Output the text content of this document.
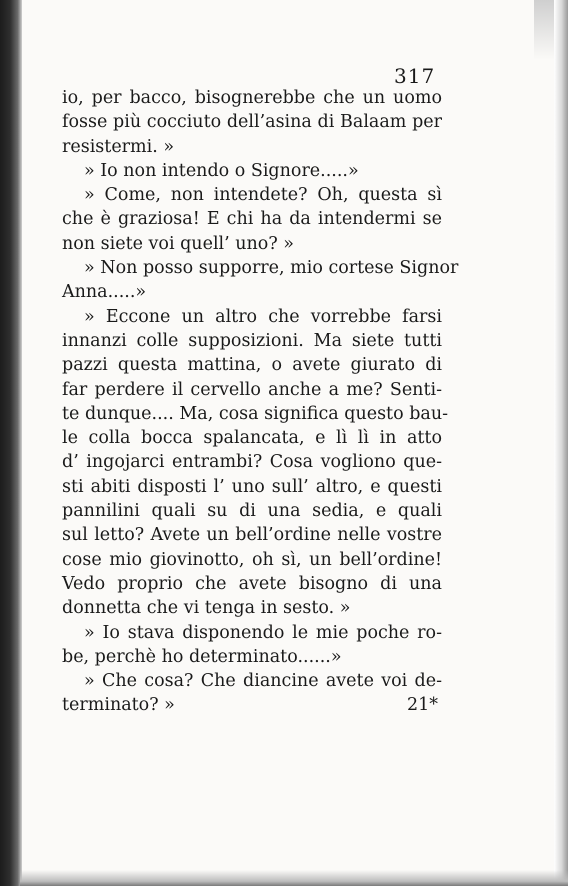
317
io, per bacco, bisognerebbe che un uomo
fosse più cocciuto dell’asina di Balaam per
resistermi. »
» Io non intendo o Signore.....»
» Come, non intendete? Oh, questa sì
che è graziosa! E chi ha da intendermi se
non siete voi quell’ uno? »
» Non posso supporre, mio cortese Signor
Anna.....»
» Eccone un altro che vorrebbe farsi
innanzi colle supposizioni. Ma siete tutti
pazzi questa mattina, o avete giurato di
far perdere il cervello anche a me? Senti-
te dunque.... Ma, cosa significa questo bau-
le colla bocca spalancata, e lì lì in atto
d’ ingojarci entrambi? Cosa vogliono que-
sti abiti disposti l’ uno sull’ altro, e questi
pannilini quali su di una sedia, e quali
sul letto? Avete un bell’ordine nelle vostre
cose mio giovinotto, oh sì, un bell’ordine!
Vedo proprio che avete bisogno di una
donnetta che vi tenga in sesto. »
» Io stava disponendo le mie poche ro-
be, perchè ho determinato......»
» Che cosa? Che diancine avete voi de-
terminato? »	21*
